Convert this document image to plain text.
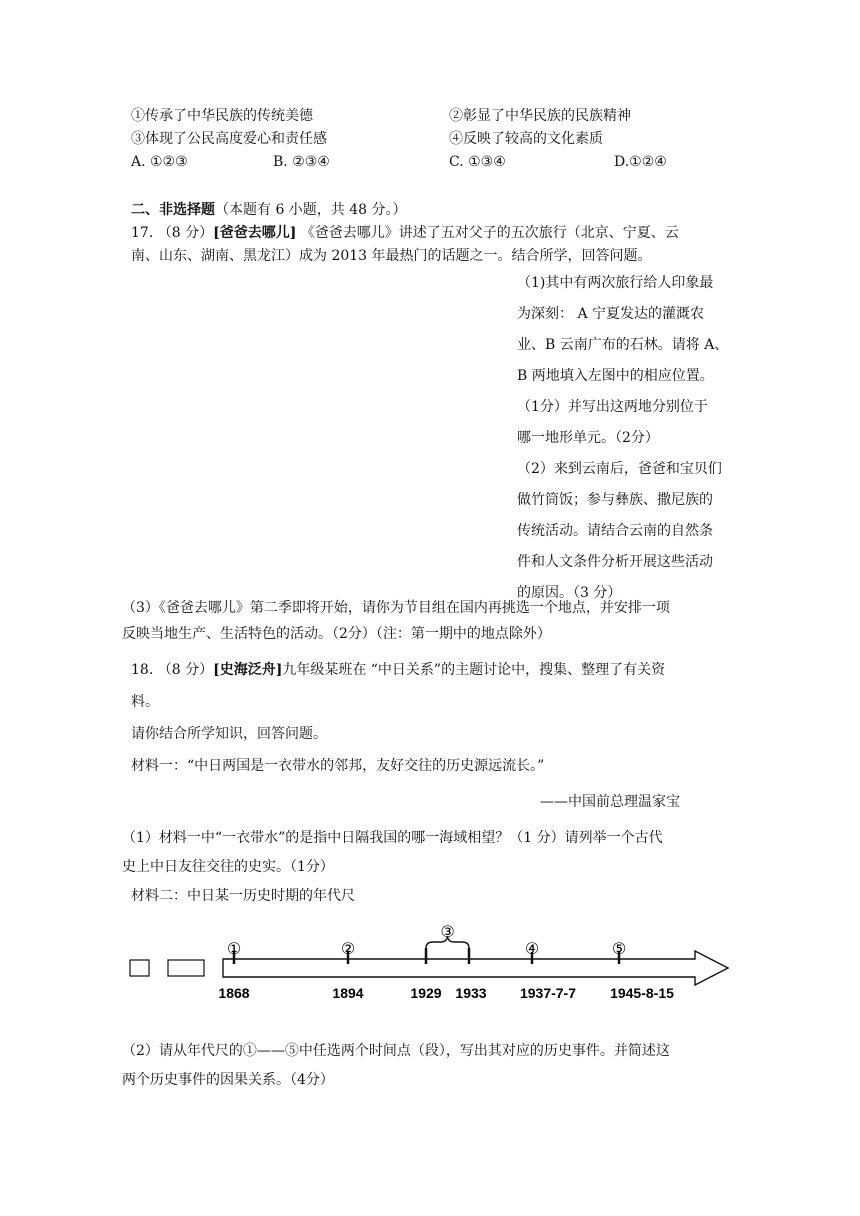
①传承了中华民族的传统美德	②彰显了中华民族的民族精神
③体现了公民高度爱心和责任感	④反映了较高的文化素质
A. ①②③	B. ②③④	C. ①③④	D.①②④
二、非选择题（本题有 6 小题，共 48 分。）
17. （8 分）[爸爸去哪儿] 《爸爸去哪儿》讲述了五对父子的五次旅行（北京、宁夏、云
南、山东、湖南、黑龙江）成为 2013 年最热门的话题之一。结合所学，回答问题。
（1)其中有两次旅行给人印象最
为深刻： A 宁夏发达的灌溉农
业、B 云南广布的石林。请将 A、
B 两地填入左图中的相应位置。
（1分）并写出这两地分别位于
哪一地形单元。（2分）
（2）来到云南后，爸爸和宝贝们
做竹筒饭；参与彝族、撒尼族的
传统活动。请结合云南的自然条
件和人文条件分析开展这些活动
的原因。（3 分）
（3）《爸爸去哪儿》第二季即将开始，请你为节目组在国内再挑选一个地点，并安排一项
反映当地生产、生活特色的活动。（2分）（注：第一期中的地点除外）
18. （8 分）[史海泛舟]九年级某班在 “中日关系”的主题讨论中，搜集、整理了有关资
料。
请你结合所学知识，回答问题。
材料一：“中日两国是一衣带水的邻邦，友好交往的历史源远流长。”
——中国前总理温家宝
（1）材料一中“一衣带水”的是指中日隔我国的哪一海域相望？（1 分）请列举一个古代
史上中日友往交往的史实。（1分）
材料二：中日某一历史时期的年代尺
①
1868
②
1894
③
1929 1933
④
1937-7-7
⑤
1945-8-15
（2）请从年代尺的①——⑤中任选两个时间点（段），写出其对应的历史事件。并简述这
两个历史事件的因果关系。（4分）
